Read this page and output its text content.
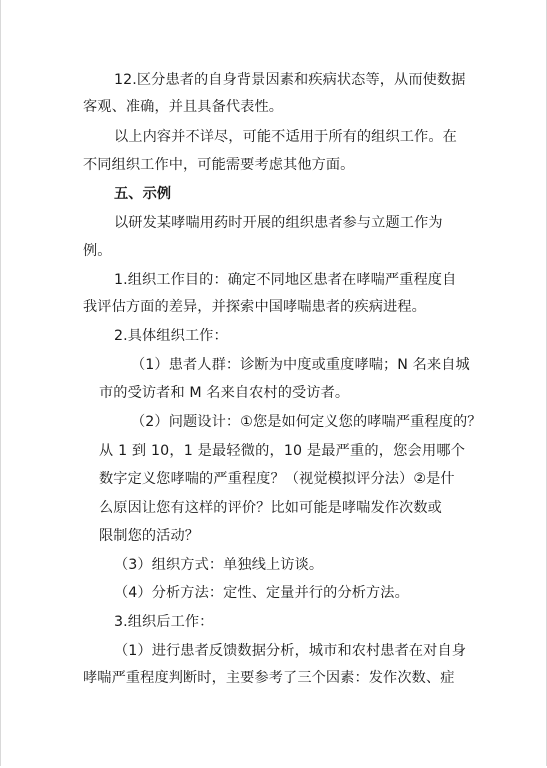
12.区分患者的自身背景因素和疾病状态等，从而使数据
客观、准确，并且具备代表性。
以上内容并不详尽，可能不适用于所有的组织工作。在
不同组织工作中，可能需要考虑其他方面。
五、示例
以研发某哮喘用药时开展的组织患者参与立题工作为
例。
1.组织工作目的：确定不同地区患者在哮喘严重程度自
我评估方面的差异，并探索中国哮喘患者的疾病进程。
2.具体组织工作：
（1）患者人群：诊断为中度或重度哮喘；N 名来自城
市的受访者和 M 名来自农村的受访者。
（2）问题设计：①您是如何定义您的哮喘严重程度的？
从 1 到 10，1 是最轻微的，10 是最严重的，您会用哪个
数字定义您哮喘的严重程度？（视觉模拟评分法）②是什
么原因让您有这样的评价？比如可能是哮喘发作次数或
限制您的活动？
（3）组织方式：单独线上访谈。
（4）分析方法：定性、定量并行的分析方法。
3.组织后工作：
（1）进行患者反馈数据分析，城市和农村患者在对自身
哮喘严重程度判断时，主要参考了三个因素：发作次数、症
